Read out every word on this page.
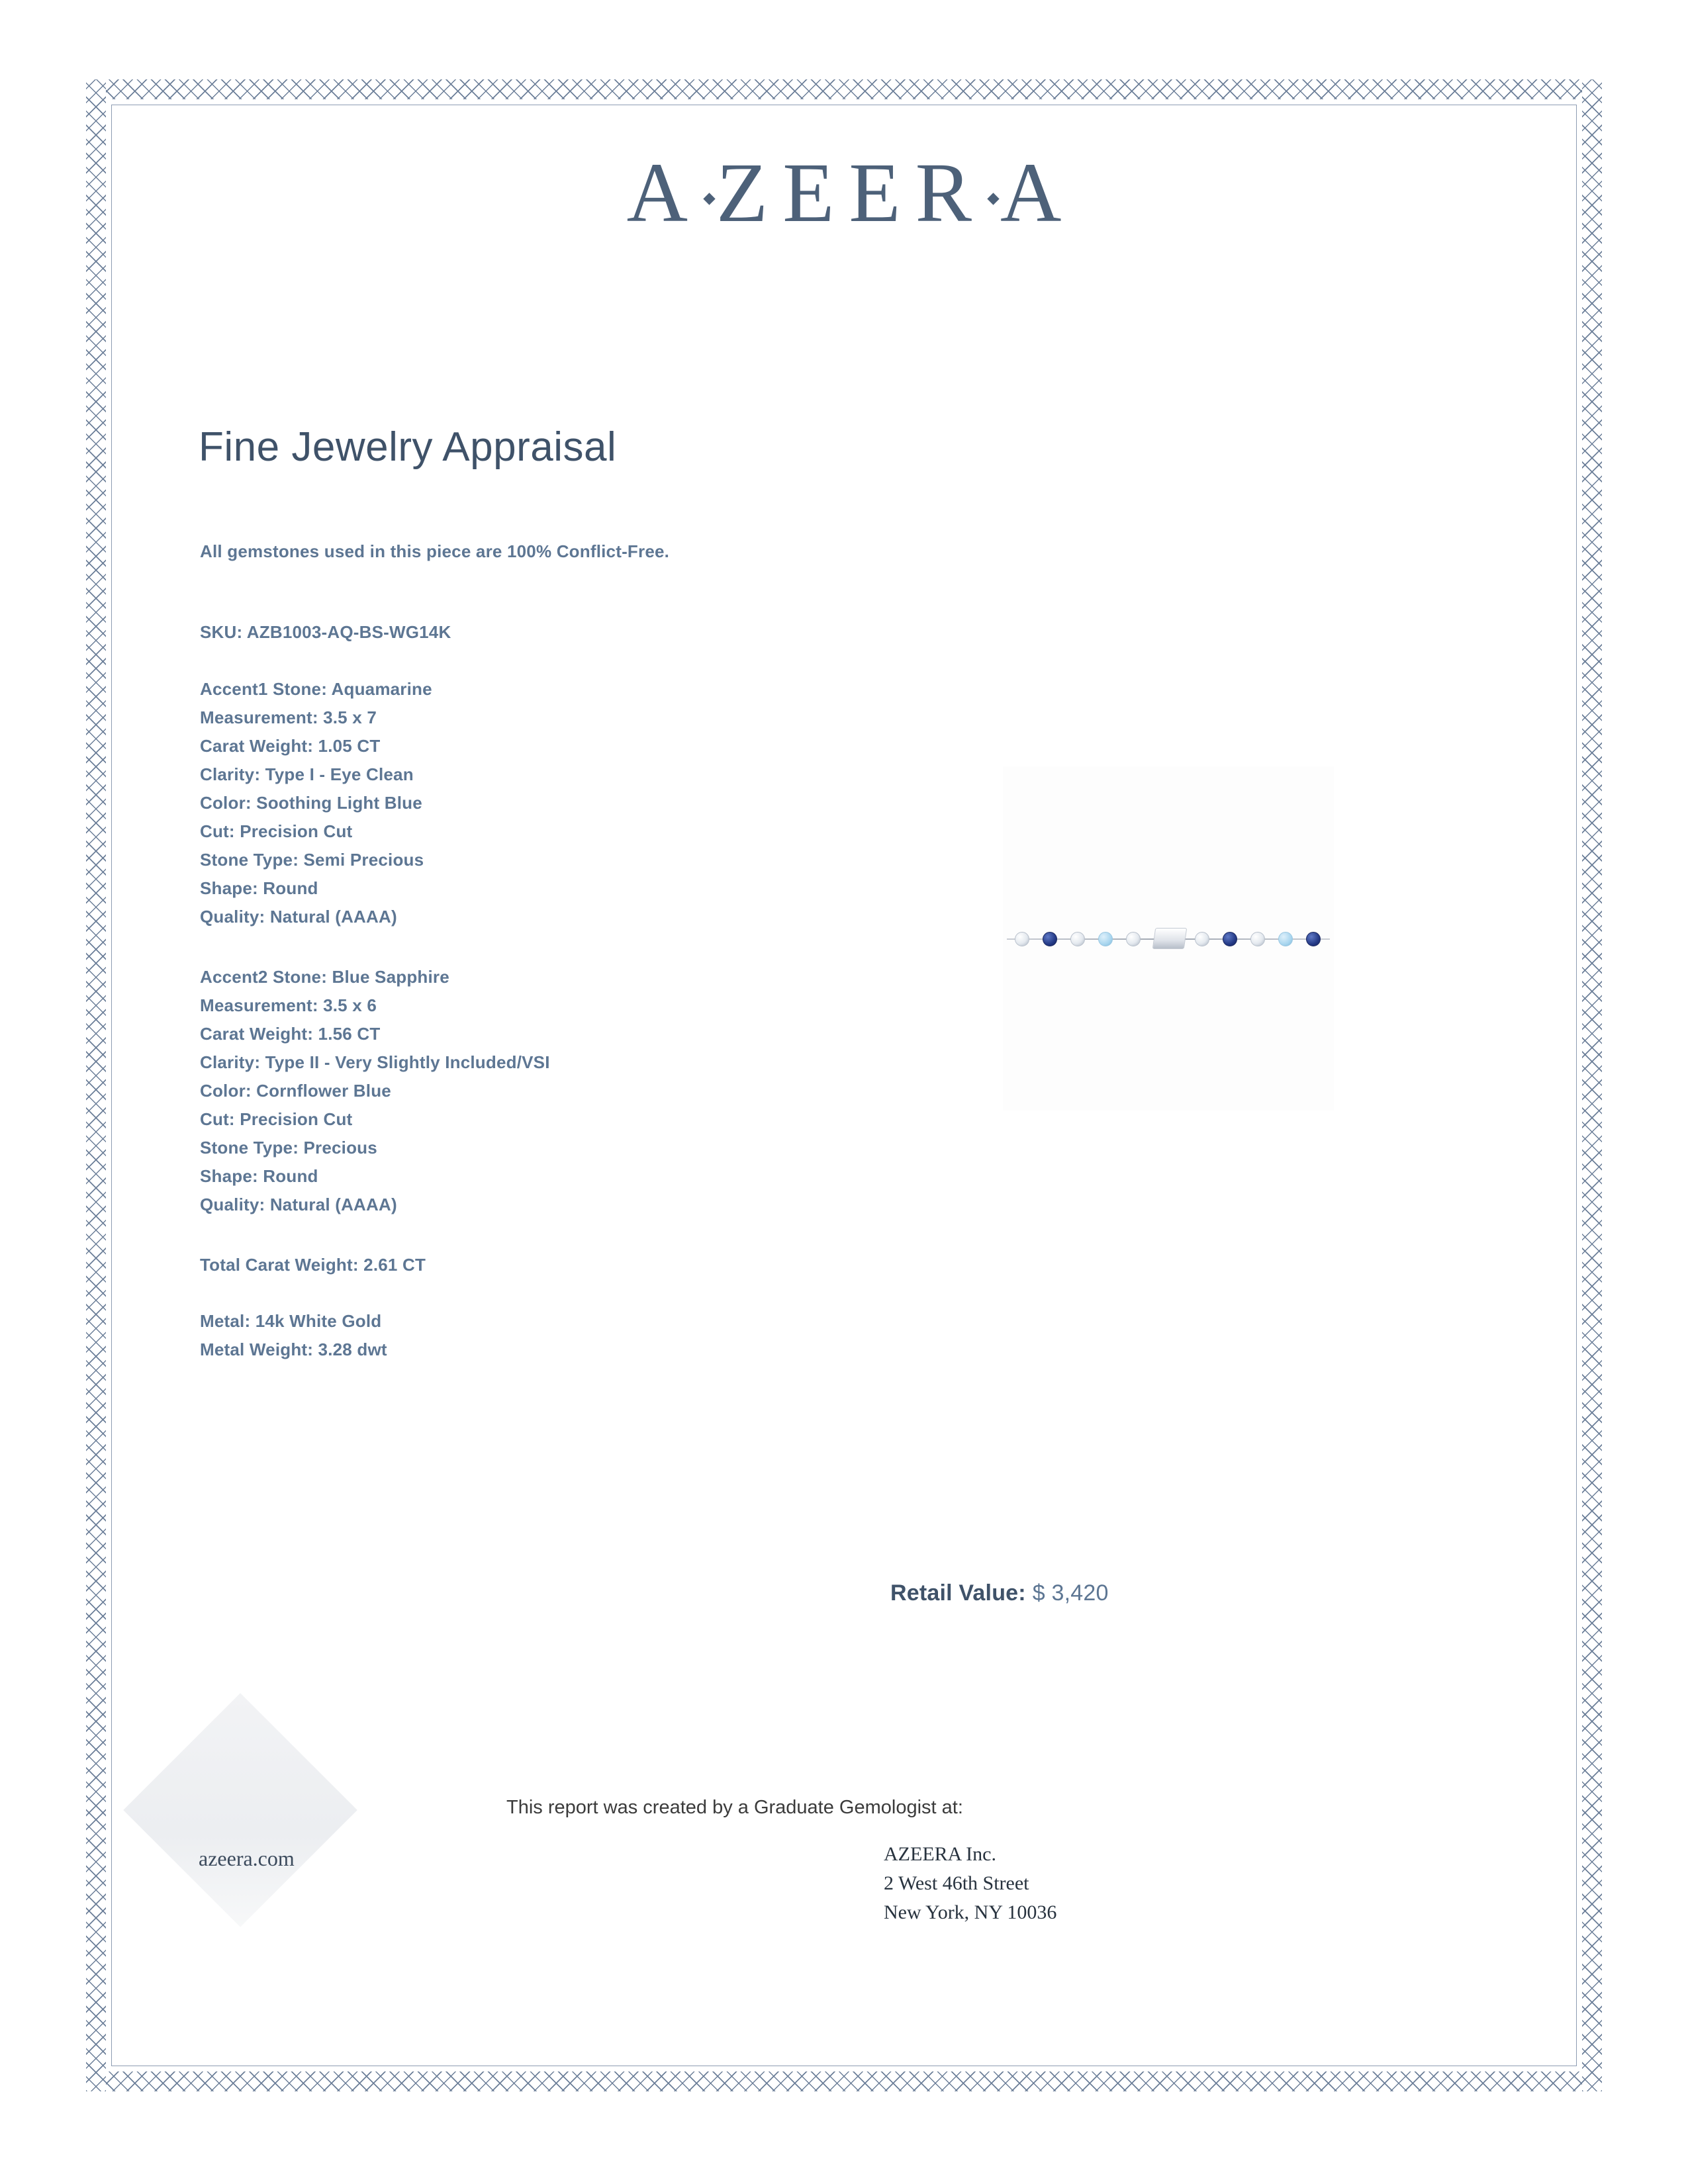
A ZEER A
Fine Jewelry Appraisal
All gemstones used in this piece are 100% Conflict-Free.
SKU: AZB1003-AQ-BS-WG14K
Accent1 Stone: Aquamarine
Measurement: 3.5 x 7
Carat Weight: 1.05 CT
Clarity: Type I - Eye Clean
Color: Soothing Light Blue
Cut: Precision Cut
Stone Type: Semi Precious
Shape: Round
Quality: Natural (AAAA)
Accent2 Stone: Blue Sapphire
Measurement: 3.5 x 6
Carat Weight: 1.56 CT
Clarity: Type II - Very Slightly Included/VSI
Color: Cornflower Blue
Cut: Precision Cut
Stone Type: Precious
Shape: Round
Quality: Natural (AAAA)
Total Carat Weight: 2.61 CT
Metal: 14k White Gold
Metal Weight: 3.28 dwt
Retail Value: $ 3,420
azeera.com
This report was created by a Graduate Gemologist at:
AZEERA Inc.
2 West 46th Street
New York, NY 10036
